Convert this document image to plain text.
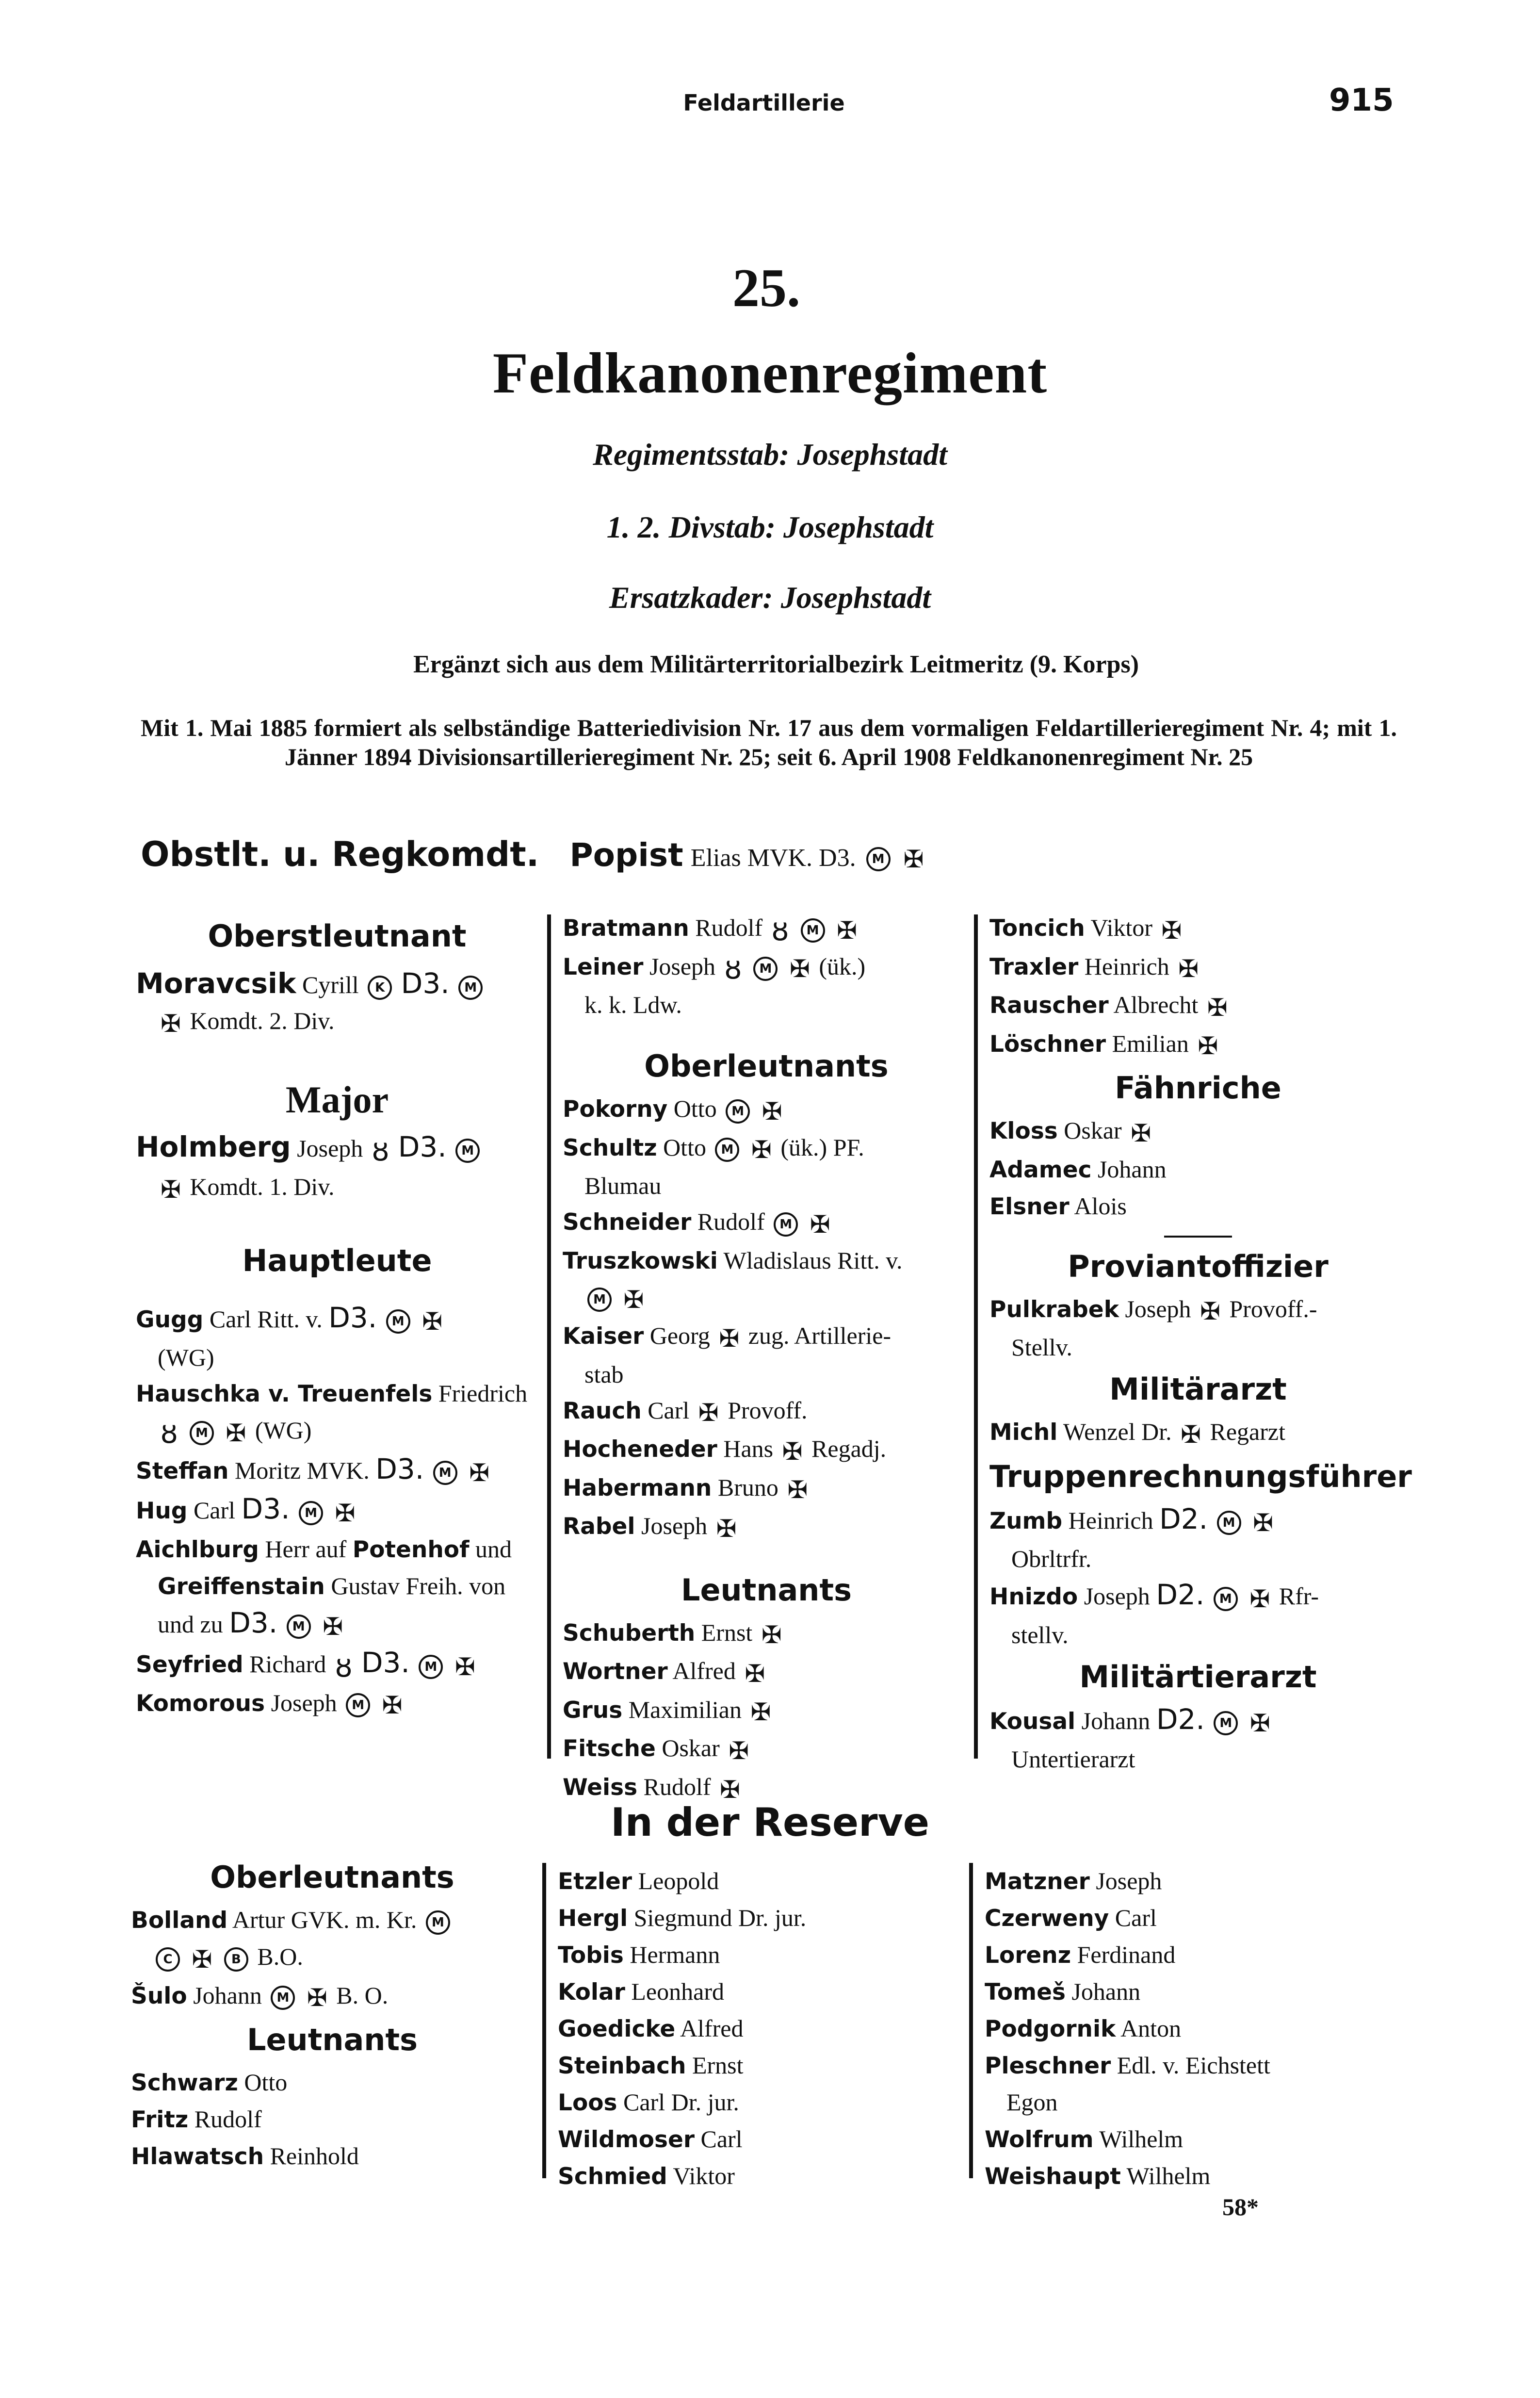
Feldartillerie	915
25.
Feldkanonenregiment
Regimentsstab: Josephstadt
1. 2. Divstab: Josephstadt
Ersatzkader: Josephstadt
Ergänzt sich aus dem Militärterritorialbezirk Leitmeritz (9. Korps)
Mit 1. Mai 1885 formiert als selbständige Batteriedivision Nr. 17 aus dem vormaligen Feldartillerieregiment Nr. 4; mit 1. Jänner 1894 Divisionsartillerieregiment Nr. 25; seit 6. April 1908 Feldkanonenregiment Nr. 25
Obstlt. u. Regkomdt. Popist Elias MVK. D3. M ✠
Oberstleutnant
Moravcsik Cyrill K D3. M
✠ Komdt. 2. Div.
Major
Holmberg Joseph ȣ D3. M
✠ Komdt. 1. Div.
Hauptleute
Gugg Carl Ritt. v. D3. M ✠
(WG)
Hauschka v. Treuenfels Friedrich
ȣ M ✠ (WG)
Steffan Moritz MVK. D3. M ✠
Hug Carl D3. M ✠
Aichlburg Herr auf Potenhof und
Greiffenstain Gustav Freih. von und zu D3. M ✠
Seyfried Richard ȣ D3. M ✠
Komorous Joseph M ✠
Bratmann Rudolf ȣ M ✠
Leiner Joseph ȣ M ✠ (ük.)
k. k. Ldw.
Oberleutnants
Pokorny Otto M ✠
Schultz Otto M ✠ (ük.) PF.
Blumau
Schneider Rudolf M ✠
Truszkowski Wladislaus Ritt. v.
M ✠
Kaiser Georg ✠ zug. Artillerie-
stab
Rauch Carl ✠ Provoff.
Hocheneder Hans ✠ Regadj.
Habermann Bruno ✠
Rabel Joseph ✠
Leutnants
Schuberth Ernst ✠
Wortner Alfred ✠
Grus Maximilian ✠
Fitsche Oskar ✠
Weiss Rudolf ✠
Toncich Viktor ✠
Traxler Heinrich ✠
Rauscher Albrecht ✠
Löschner Emilian ✠
Fähnriche
Kloss Oskar ✠
Adamec Johann
Elsner Alois
Proviantoffizier
Pulkrabek Joseph ✠ Provoff.-
Stellv.
Militärarzt
Michl Wenzel Dr. ✠ Regarzt
Truppenrechnungsführer
Zumb Heinrich D2. M ✠
Obrltrfr.
Hnizdo Joseph D2. M ✠ Rfr-
stellv.
Militärtierarzt
Kousal Johann D2. M ✠
Untertierarzt
In der Reserve
Oberleutnants
Bolland Artur GVK. m. Kr. M
C ✠ B B.O.
Šulo Johann M ✠ B. O.
Leutnants
Schwarz Otto
Fritz Rudolf
Hlawatsch Reinhold
Etzler Leopold
Hergl Siegmund Dr. jur.
Tobis Hermann
Kolar Leonhard
Goedicke Alfred
Steinbach Ernst
Loos Carl Dr. jur.
Wildmoser Carl
Schmied Viktor
Matzner Joseph
Czerweny Carl
Lorenz Ferdinand
Tomeš Johann
Podgornik Anton
Pleschner Edl. v. Eichstett
Egon
Wolfrum Wilhelm
Weishaupt Wilhelm
58*
